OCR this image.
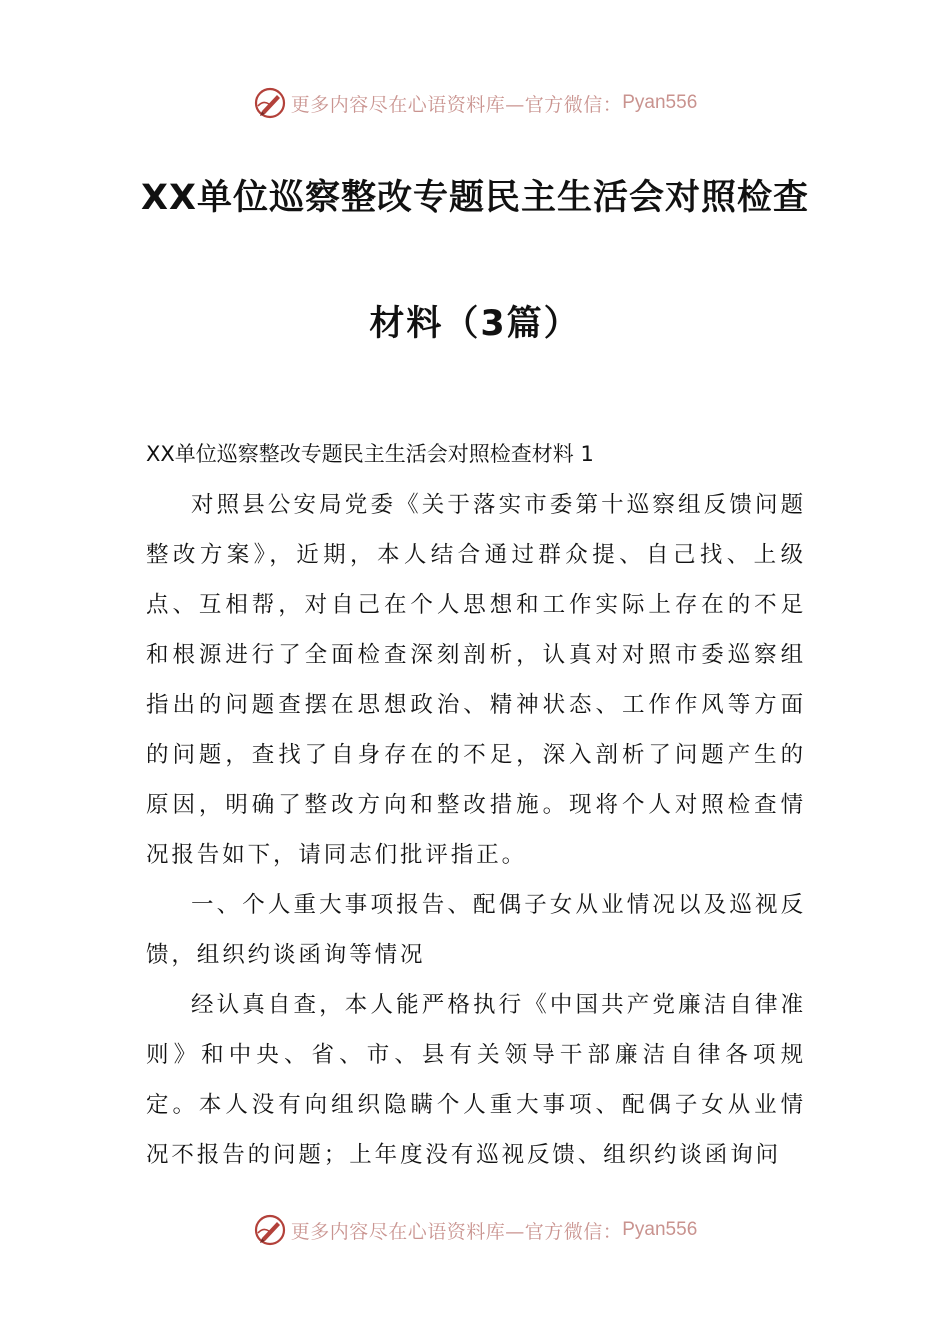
更多内容尽在心语资料库—官方微信： Pyan556
XX单位巡察整改专题民主生活会对照检查
材料（3篇）
XX单位巡察整改专题民主生活会对照检查材料 1

对照县公安局党委《关于落实市委第十巡察组反馈问题整改方案》，近期，本人结合通过群众提、自己找、上级点、互相帮，对自己在个人思想和工作实际上存在的不足和根源进行了全面检查深刻剖析，认真对对照市委巡察组指出的问题查摆在思想政治、精神状态、工作作风等方面的问题，查找了自身存在的不足，深入剖析了问题产生的原因，明确了整改方向和整改措施。现将个人对照检查情况报告如下，请同志们批评指正。

一、个人重大事项报告、配偶子女从业情况以及巡视反馈，组织约谈函询等情况

经认真自查，本人能严格执行《中国共产党廉洁自律准则》和中央、省、市、县有关领导干部廉洁自律各项规定。本人没有向组织隐瞒个人重大事项、配偶子女从业情况不报告的问题；上年度没有巡视反馈、组织约谈函询问

更多内容尽在心语资料库—官方微信： Pyan556
